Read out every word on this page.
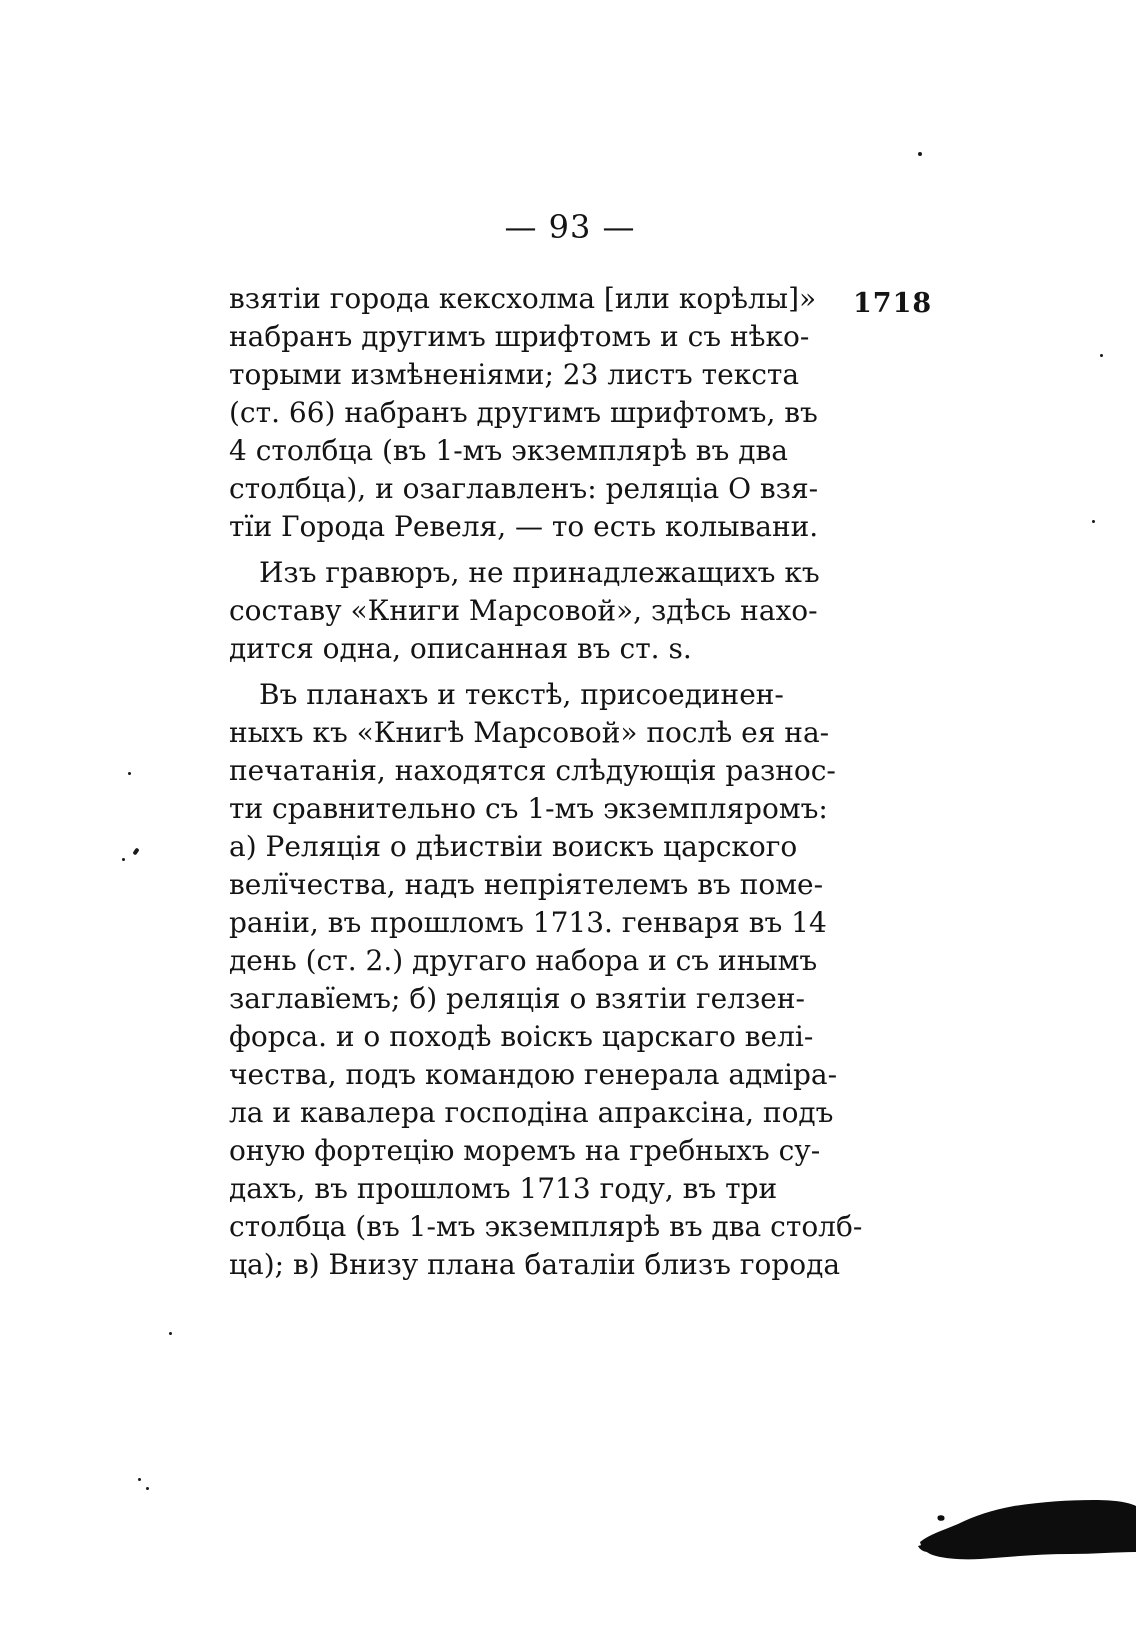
— 93 —
1718
взятіи города кексхолма [или корѣлы]»
набранъ другимъ шрифтомъ и съ нѣко-
торыми измѣненіями; 23 листъ текста
(ст. 66) набранъ другимъ шрифтомъ, въ
4 столбца (въ 1-мъ экземплярѣ въ два
столбца), и озаглавленъ: реляціа О взя-
тїи Города Ревеля, — то есть колывани.
Изъ гравюръ, не принадлежащихъ къ
составу «Книги Марсовой», здѣсь нахо-
дится одна, описанная въ ст. ѕ.
Въ планахъ и текстѣ, присоединен-
ныхъ къ «Книгѣ Марсовой» послѣ ея на-
печатанія, находятся слѣдующія разнос-
ти сравнительно съ 1-мъ экземпляромъ:
а) Реляція о дѣиствіи воискъ царского
велїчества, надъ непріятелемъ въ поме-
раніи, въ прошломъ 1713. генваря въ 14
день (ст. 2.) другаго набора и съ инымъ
заглавїемъ; б) реляція о взятіи гелзен-
форса. и о походѣ воіскъ царскаго велі-
чества, подъ командою генерала адміра-
ла и кавалера господіна апраксіна, подъ
оную фортецію моремъ на гребныхъ су-
дахъ, въ прошломъ 1713 году, въ три
столбца (въ 1-мъ экземплярѣ въ два столб-
ца); в) Внизу плана баталіи близъ города
